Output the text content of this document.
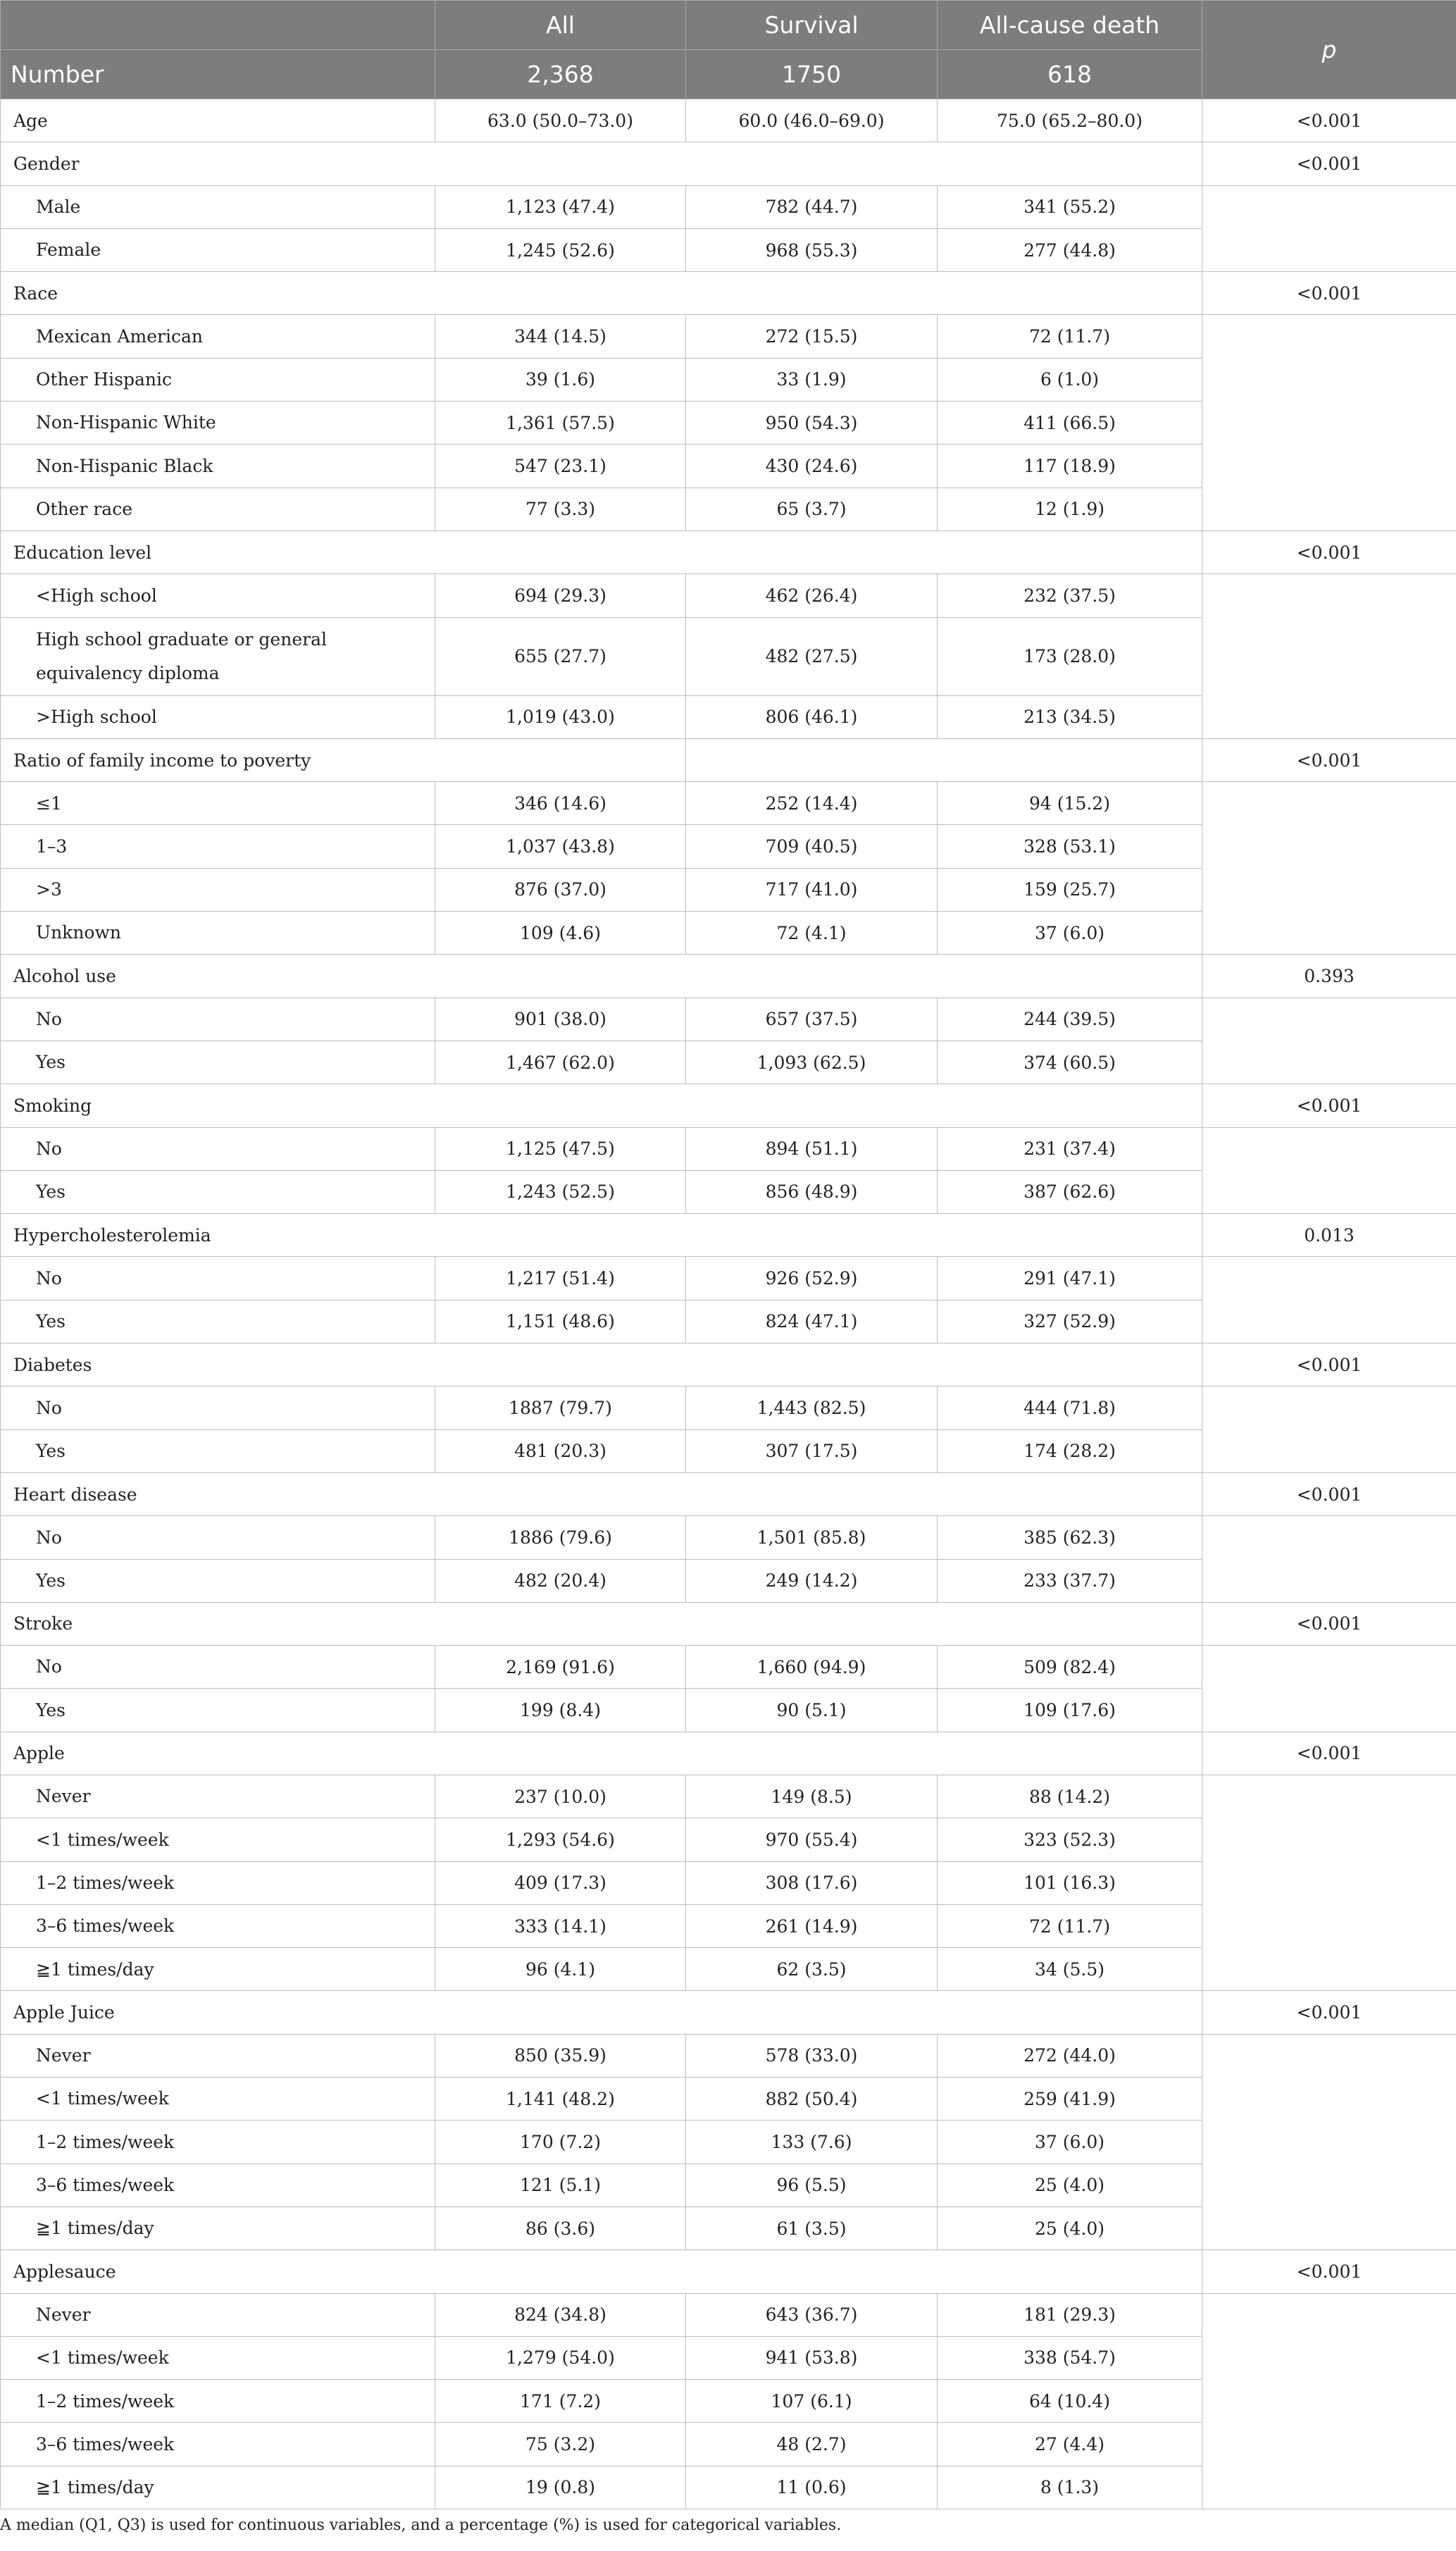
	All	Survival	All-cause death	p
Number	2,368	1750	618	
Age	63.0 (50.0–73.0)	60.0 (46.0–69.0)	75.0 (65.2–80.0)	<0.001
Gender				<0.001
Male	1,123 (47.4)	782 (44.7)	341 (55.2)	
Female	1,245 (52.6)	968 (55.3)	277 (44.8)	
Race				<0.001
Mexican American	344 (14.5)	272 (15.5)	72 (11.7)	
Other Hispanic	39 (1.6)	33 (1.9)	6 (1.0)	
Non-Hispanic White	1,361 (57.5)	950 (54.3)	411 (66.5)	
Non-Hispanic Black	547 (23.1)	430 (24.6)	117 (18.9)	
Other race	77 (3.3)	65 (3.7)	12 (1.9)	
Education level				<0.001
<High school	694 (29.3)	462 (26.4)	232 (37.5)	
High school graduate or general equivalency diploma	655 (27.7)	482 (27.5)	173 (28.0)	
>High school	1,019 (43.0)	806 (46.1)	213 (34.5)	
Ratio of family income to poverty				<0.001
≤1	346 (14.6)	252 (14.4)	94 (15.2)	
1–3	1,037 (43.8)	709 (40.5)	328 (53.1)	
>3	876 (37.0)	717 (41.0)	159 (25.7)	
Unknown	109 (4.6)	72 (4.1)	37 (6.0)	
Alcohol use				0.393
No	901 (38.0)	657 (37.5)	244 (39.5)	
Yes	1,467 (62.0)	1,093 (62.5)	374 (60.5)	
Smoking				<0.001
No	1,125 (47.5)	894 (51.1)	231 (37.4)	
Yes	1,243 (52.5)	856 (48.9)	387 (62.6)	
Hypercholesterolemia				0.013
No	1,217 (51.4)	926 (52.9)	291 (47.1)	
Yes	1,151 (48.6)	824 (47.1)	327 (52.9)	
Diabetes				<0.001
No	1887 (79.7)	1,443 (82.5)	444 (71.8)	
Yes	481 (20.3)	307 (17.5)	174 (28.2)	
Heart disease				<0.001
No	1886 (79.6)	1,501 (85.8)	385 (62.3)	
Yes	482 (20.4)	249 (14.2)	233 (37.7)	
Stroke				<0.001
No	2,169 (91.6)	1,660 (94.9)	509 (82.4)	
Yes	199 (8.4)	90 (5.1)	109 (17.6)	
Apple				<0.001
Never	237 (10.0)	149 (8.5)	88 (14.2)	
<1 times/week	1,293 (54.6)	970 (55.4)	323 (52.3)	
1–2 times/week	409 (17.3)	308 (17.6)	101 (16.3)	
3–6 times/week	333 (14.1)	261 (14.9)	72 (11.7)	
≧1 times/day	96 (4.1)	62 (3.5)	34 (5.5)	
Apple Juice				<0.001
Never	850 (35.9)	578 (33.0)	272 (44.0)	
<1 times/week	1,141 (48.2)	882 (50.4)	259 (41.9)	
1–2 times/week	170 (7.2)	133 (7.6)	37 (6.0)	
3–6 times/week	121 (5.1)	96 (5.5)	25 (4.0)	
≧1 times/day	86 (3.6)	61 (3.5)	25 (4.0)	
Applesauce				<0.001
Never	824 (34.8)	643 (36.7)	181 (29.3)	
<1 times/week	1,279 (54.0)	941 (53.8)	338 (54.7)	
1–2 times/week	171 (7.2)	107 (6.1)	64 (10.4)	
3–6 times/week	75 (3.2)	48 (2.7)	27 (4.4)	
≧1 times/day	19 (0.8)	11 (0.6)	8 (1.3)	
A median (Q1, Q3) is used for continuous variables, and a percentage (%) is used for categorical variables.
